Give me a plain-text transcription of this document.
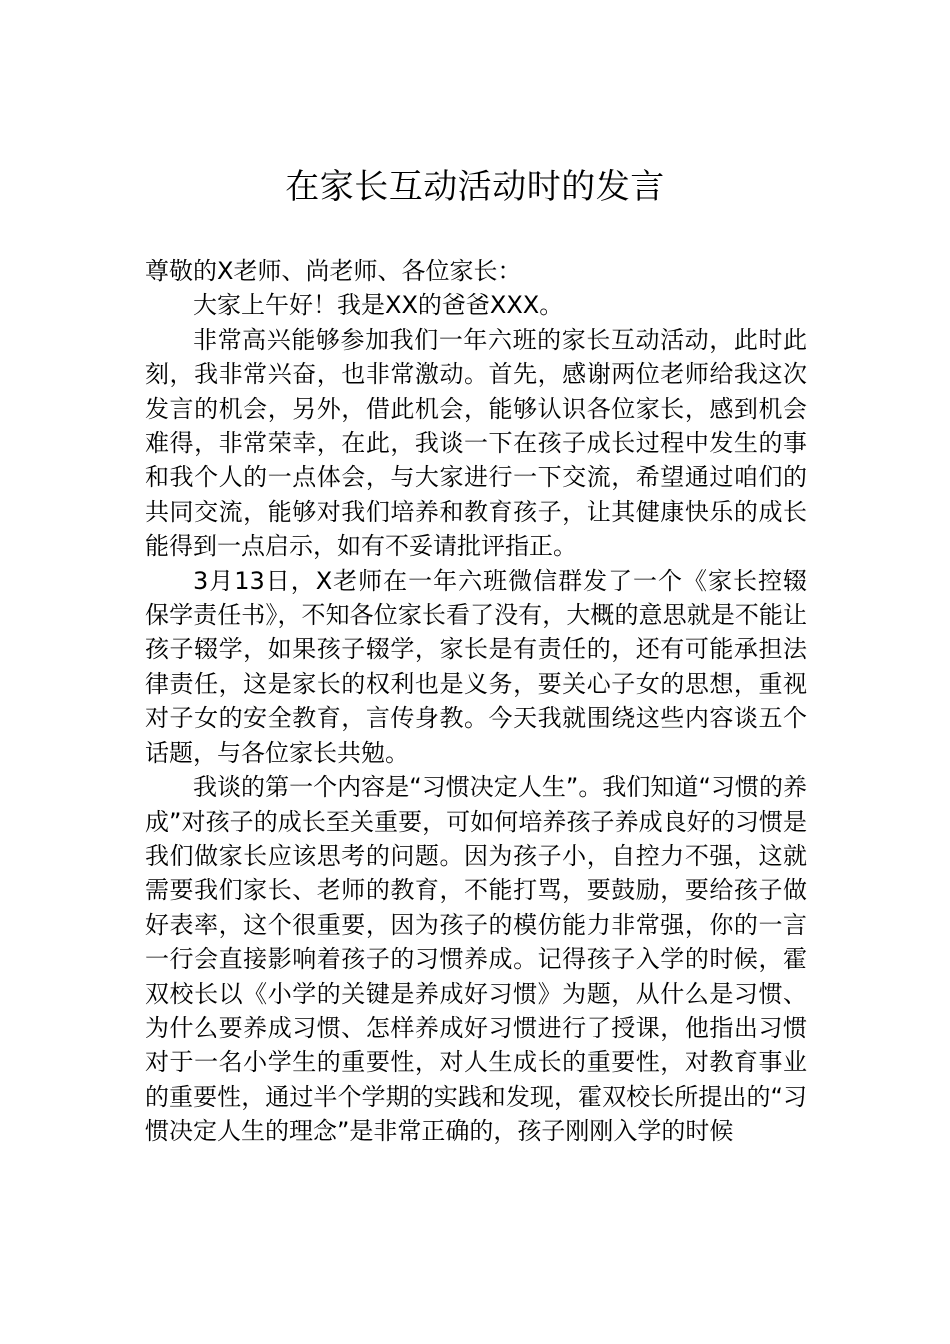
在家长互动活动时的发言

尊敬的X老师、尚老师、各位家长：

大家上午好！我是XX的爸爸XXX。

非常高兴能够参加我们一年六班的家长互动活动，此时此刻，我非常兴奋，也非常激动。首先，感谢两位老师给我这次发言的机会，另外，借此机会，能够认识各位家长，感到机会难得，非常荣幸，在此，我谈一下在孩子成长过程中发生的事和我个人的一点体会，与大家进行一下交流，希望通过咱们的共同交流，能够对我们培养和教育孩子，让其健康快乐的成长能得到一点启示，如有不妥请批评指正。

3月13日，X老师在一年六班微信群发了一个《家长控辍保学责任书》，不知各位家长看了没有，大概的意思就是不能让孩子辍学，如果孩子辍学，家长是有责任的，还有可能承担法律责任，这是家长的权利也是义务，要关心子女的思想，重视对子女的安全教育，言传身教。今天我就围绕这些内容谈五个话题，与各位家长共勉。

我谈的第一个内容是“习惯决定人生”。我们知道“习惯的养成”对孩子的成长至关重要，可如何培养孩子养成良好的习惯是我们做家长应该思考的问题。因为孩子小，自控力不强，这就需要我们家长、老师的教育，不能打骂，要鼓励，要给孩子做好表率，这个很重要，因为孩子的模仿能力非常强，你的一言一行会直接影响着孩子的习惯养成。记得孩子入学的时候，霍双校长以《小学的关键是养成好习惯》为题，从什么是习惯、为什么要养成习惯、怎样养成好习惯进行了授课，他指出习惯对于一名小学生的重要性，对人生成长的重要性，对教育事业的重要性，通过半个学期的实践和发现，霍双校长所提出的“习惯决定人生的理念”是非常正确的，孩子刚刚入学的时候
